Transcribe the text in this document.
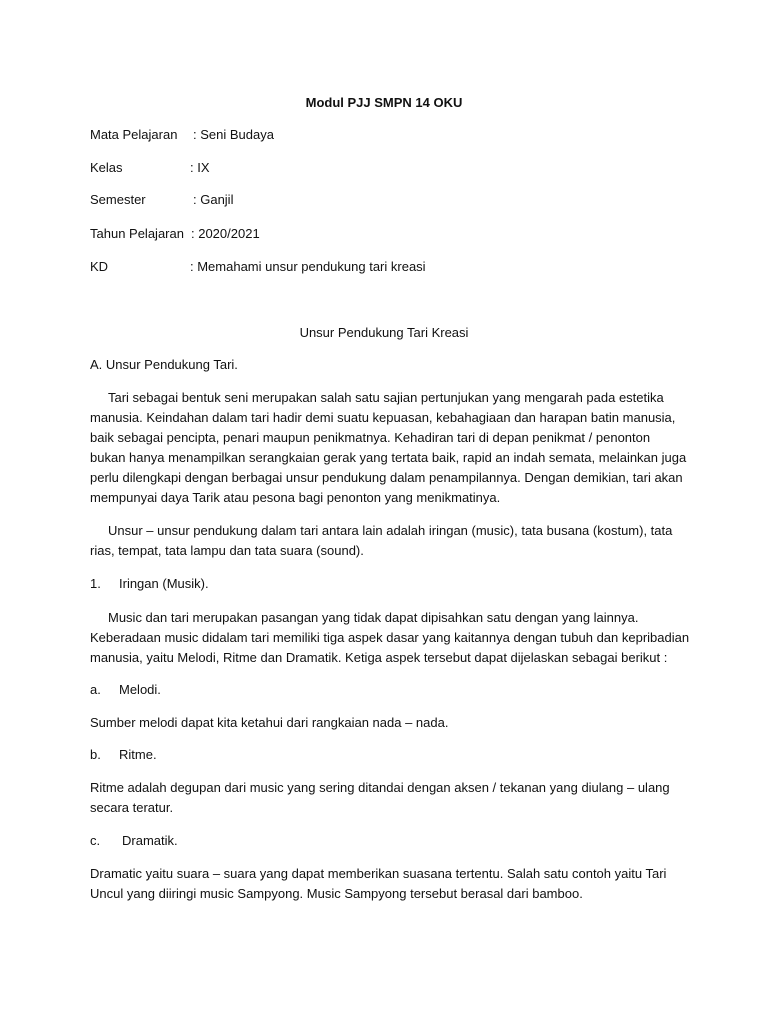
Modul PJJ SMPN 14 OKU
Mata Pelajaran : Seni Budaya
Kelas	: IX
Semester	: Ganjil
Tahun Pelajaran : 2020/2021
KD	: Memahami unsur pendukung tari kreasi
Unsur Pendukung Tari Kreasi
A. Unsur Pendukung Tari.
Tari sebagai bentuk seni merupakan salah satu sajian pertunjukan yang mengarah pada estetika
manusia. Keindahan dalam tari hadir demi suatu kepuasan, kebahagiaan dan harapan batin manusia,
baik sebagai pencipta, penari maupun penikmatnya. Kehadiran tari di depan penikmat / penonton
bukan hanya menampilkan serangkaian gerak yang tertata baik, rapid an indah semata, melainkan juga
perlu dilengkapi dengan berbagai unsur pendukung dalam penampilannya. Dengan demikian, tari akan
mempunyai daya Tarik atau pesona bagi penonton yang menikmatinya.
Unsur – unsur pendukung dalam tari antara lain adalah iringan (music), tata busana (kostum), tata
rias, tempat, tata lampu dan tata suara (sound).
1. Iringan (Musik).
Music dan tari merupakan pasangan yang tidak dapat dipisahkan satu dengan yang lainnya.
Keberadaan music didalam tari memiliki tiga aspek dasar yang kaitannya dengan tubuh dan kepribadian
manusia, yaitu Melodi, Ritme dan Dramatik. Ketiga aspek tersebut dapat dijelaskan sebagai berikut :
a. Melodi.
Sumber melodi dapat kita ketahui dari rangkaian nada – nada.
b. Ritme.
Ritme adalah degupan dari music yang sering ditandai dengan aksen / tekanan yang diulang – ulang
secara teratur.
c. Dramatik.
Dramatic yaitu suara – suara yang dapat memberikan suasana tertentu. Salah satu contoh yaitu Tari
Uncul yang diiringi music Sampyong. Music Sampyong tersebut berasal dari bamboo.
